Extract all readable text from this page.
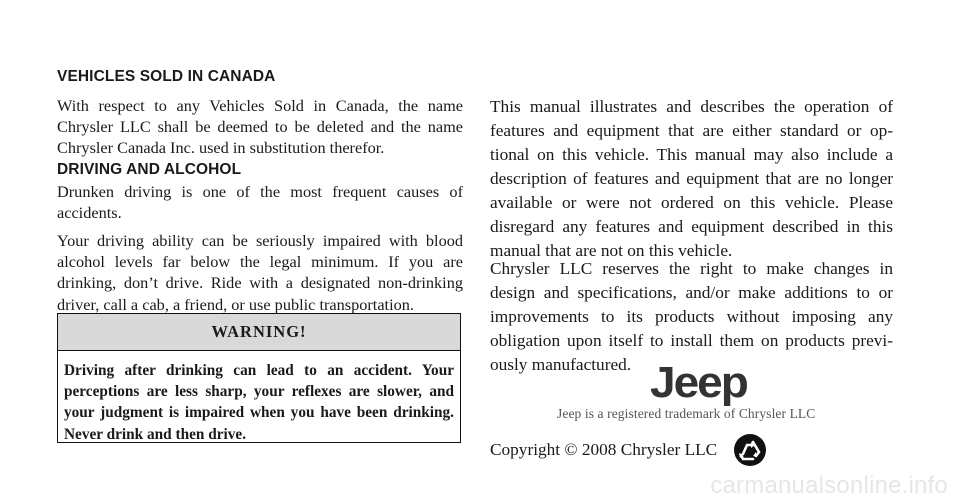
VEHICLES SOLD IN CANADA

With respect to any Vehicles Sold in Canada, the name Chrysler LLC shall be deemed to be deleted and the name Chrysler Canada Inc. used in substitution therefor.

DRIVING AND ALCOHOL

Drunken driving is one of the most frequent causes of accidents.

Your driving ability can be seriously impaired with blood alcohol levels far below the legal minimum. If you are drinking, don’t drive. Ride with a designated non-drinking driver, call a cab, a friend, or use public transportation.

WARNING!
Driving after drinking can lead to an accident. Your perceptions are less sharp, your reflexes are slower, and your judgment is impaired when you have been drinking. Never drink and then drive.

This manual illustrates and describes the operation of features and equipment that are either standard or op- tional on this vehicle. This manual may also include a description of features and equipment that are no longer available or were not ordered on this vehicle. Please disregard any features and equipment described in this manual that are not on this vehicle.

Chrysler LLC reserves the right to make changes in design and specifications, and/or make additions to or improvements to its products without imposing any obligation upon itself to install them on products previ- ously manufactured. Jeep
Jeep is a registered trademark of Chrysler LLC
Copyright © 2008 Chrysler LLC
carmanualsonline.info
